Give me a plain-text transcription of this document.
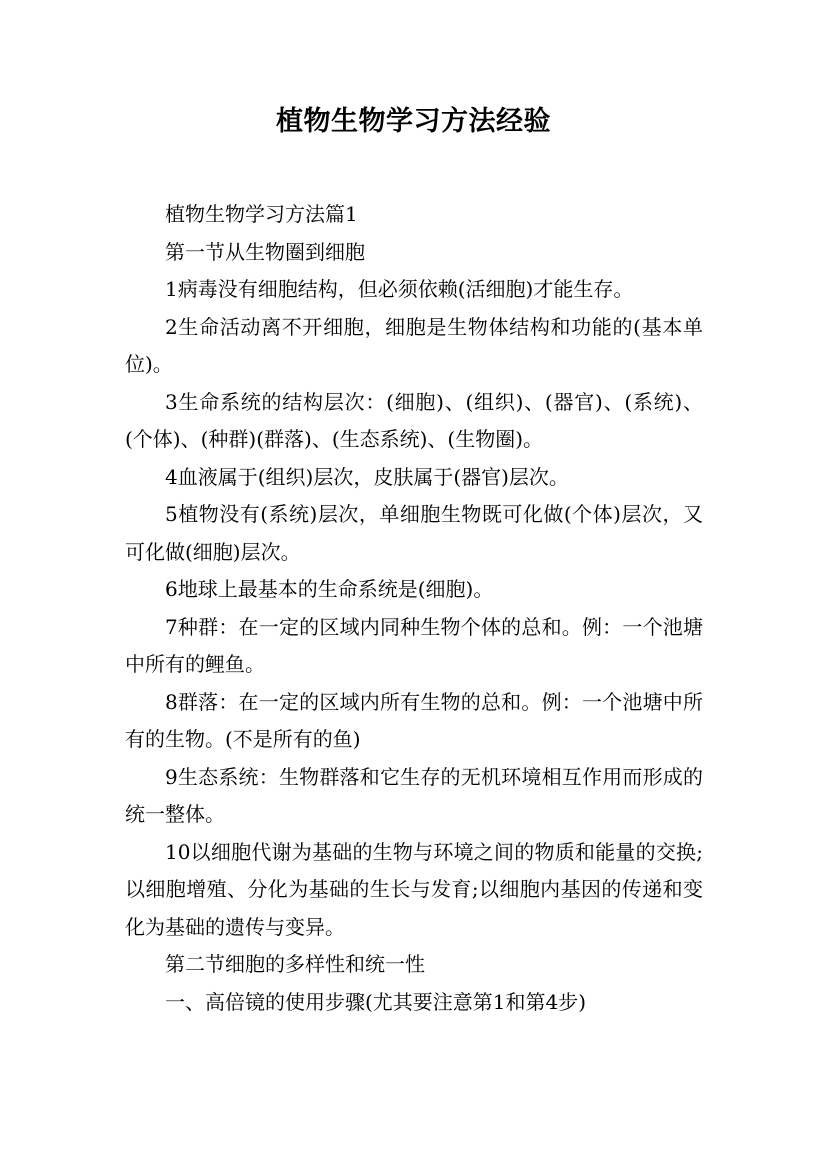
植物生物学习方法经验

植物生物学习方法篇1

第一节从生物圈到细胞

1病毒没有细胞结构，但必须依赖(活细胞)才能生存。

2生命活动离不开细胞，细胞是生物体结构和功能的(基本单位)。

3生命系统的结构层次：(细胞)、(组织)、(器官)、(系统)、(个体)、(种群)(群落)、(生态系统)、(生物圈)。

4血液属于(组织)层次，皮肤属于(器官)层次。

5植物没有(系统)层次，单细胞生物既可化做(个体)层次，又可化做(细胞)层次。

6地球上最基本的生命系统是(细胞)。

7种群：在一定的区域内同种生物个体的总和。例：一个池塘中所有的鲤鱼。

8群落：在一定的区域内所有生物的总和。例：一个池塘中所有的生物。(不是所有的鱼)

9生态系统：生物群落和它生存的无机环境相互作用而形成的统一整体。

10以细胞代谢为基础的生物与环境之间的物质和能量的交换;以细胞增殖、分化为基础的生长与发育;以细胞内基因的传递和变化为基础的遗传与变异。

第二节细胞的多样性和统一性

一、高倍镜的使用步骤(尤其要注意第1和第4步)
